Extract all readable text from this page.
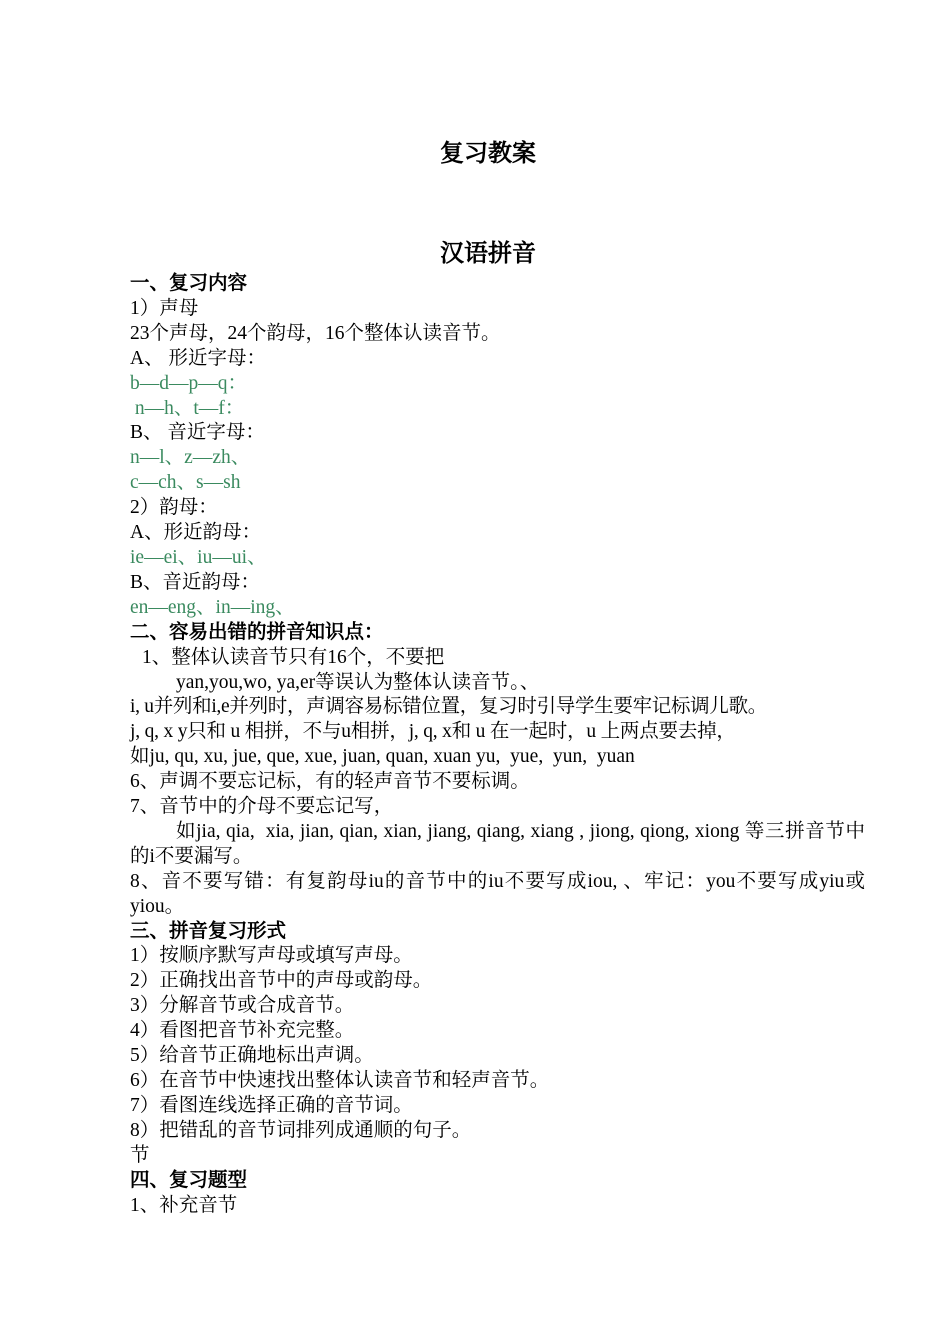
复习教案
汉语拼音
一、复习内容
1）声母
23个声母，24个韵母，16个整体认读音节。
A、 形近字母：
b—d—p—q：
n—h、t—f：
B、 音近字母：
n—l、z—zh、
c—ch、s—sh
2）韵母：
A、形近韵母：
ie—ei、iu—ui、
B、音近韵母：
en—eng、in—ing、
二、容易出错的拼音知识点：
1、整体认读音节只有16个，不要把
yan,you,wo, ya,er等误认为整体认读音节。、
i, u并列和i,e并列时，声调容易标错位置，复习时引导学生要牢记标调儿歌。
j, q, x y只和 u 相拼，不与u相拼，j, q, x和 u 在一起时，u 上两点要去掉，
如ju, qu, xu, jue, que, xue, juan, quan, xuan yu,  yue,  yun,  yuan
6、声调不要忘记标，有的轻声音节不要标调。
7、音节中的介母不要忘记写，
如jia, qia,  xia, jian, qian, xian, jiang, qiang, xiang , jiong, qiong, xiong 等三拼音节中的i不要漏写。
8、音不要写错：有复韵母iu的音节中的iu不要写成iou, 、牢记：you不要写成yiu或yiou。
三、拼音复习形式
1）按顺序默写声母或填写声母。
2）正确找出音节中的声母或韵母。
3）分解音节或合成音节。
4）看图把音节补充完整。
5）给音节正确地标出声调。
6）在音节中快速找出整体认读音节和轻声音节。
7）看图连线选择正确的音节词。
8）把错乱的音节词排列成通顺的句子。
节
四、复习题型
1、补充音节
